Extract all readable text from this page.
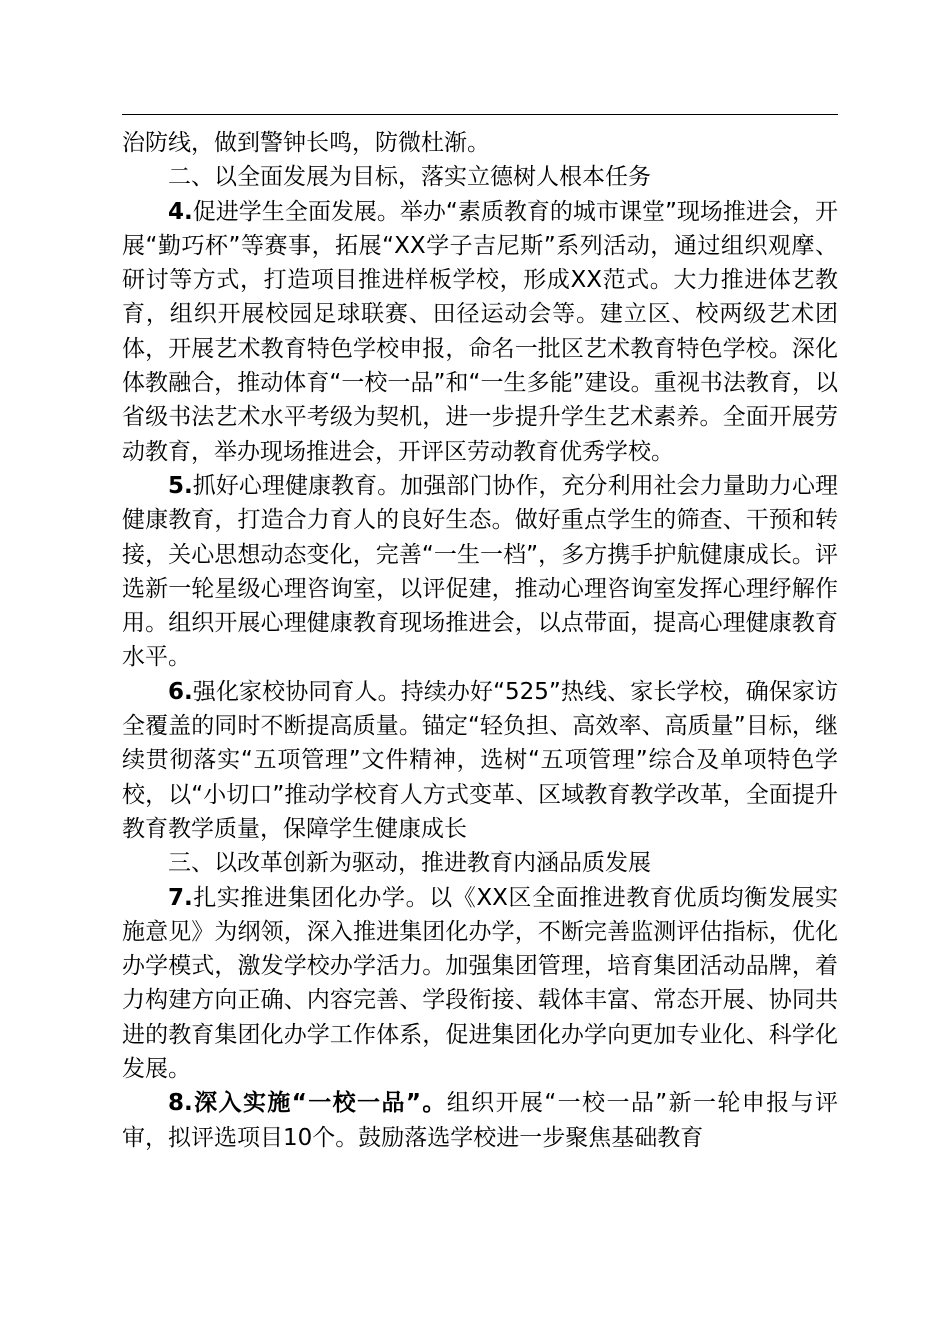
治防线，做到警钟长鸣，防微杜渐。

二、以全面发展为目标，落实立德树人根本任务

4.促进学生全面发展。举办“素质教育的城市课堂”现场推进会，开展“勤巧杯”等赛事，拓展“XX学子吉尼斯”系列活动，通过组织观摩、研讨等方式，打造项目推进样板学校，形成XX范式。大力推进体艺教育，组织开展校园足球联赛、田径运动会等。建立区、校两级艺术团体，开展艺术教育特色学校申报，命名一批区艺术教育特色学校。深化体教融合，推动体育“一校一品”和“一生多能”建设。重视书法教育，以省级书法艺术水平考级为契机，进一步提升学生艺术素养。全面开展劳动教育，举办现场推进会，开评区劳动教育优秀学校。

5.抓好心理健康教育。加强部门协作，充分利用社会力量助力心理健康教育，打造合力育人的良好生态。做好重点学生的筛查、干预和转接，关心思想动态变化，完善“一生一档”，多方携手护航健康成长。评选新一轮星级心理咨询室，以评促建，推动心理咨询室发挥心理纾解作用。组织开展心理健康教育现场推进会，以点带面，提高心理健康教育水平。

6.强化家校协同育人。持续办好“525”热线、家长学校，确保家访全覆盖的同时不断提高质量。锚定“轻负担、高效率、高质量”目标，继续贯彻落实“五项管理”文件精神，选树“五项管理”综合及单项特色学校，以“小切口”推动学校育人方式变革、区域教育教学改革，全面提升教育教学质量，保障学生健康成长

三、以改革创新为驱动，推进教育内涵品质发展

7.扎实推进集团化办学。以《XX区全面推进教育优质均衡发展实施意见》为纲领，深入推进集团化办学，不断完善监测评估指标，优化办学模式，激发学校办学活力。加强集团管理，培育集团活动品牌，着力构建方向正确、内容完善、学段衔接、载体丰富、常态开展、协同共进的教育集团化办学工作体系，促进集团化办学向更加专业化、科学化发展。

8.深入实施“一校一品”。组织开展“一校一品”新一轮申报与评审，拟评选项目10个。鼓励落选学校进一步聚焦基础教育
